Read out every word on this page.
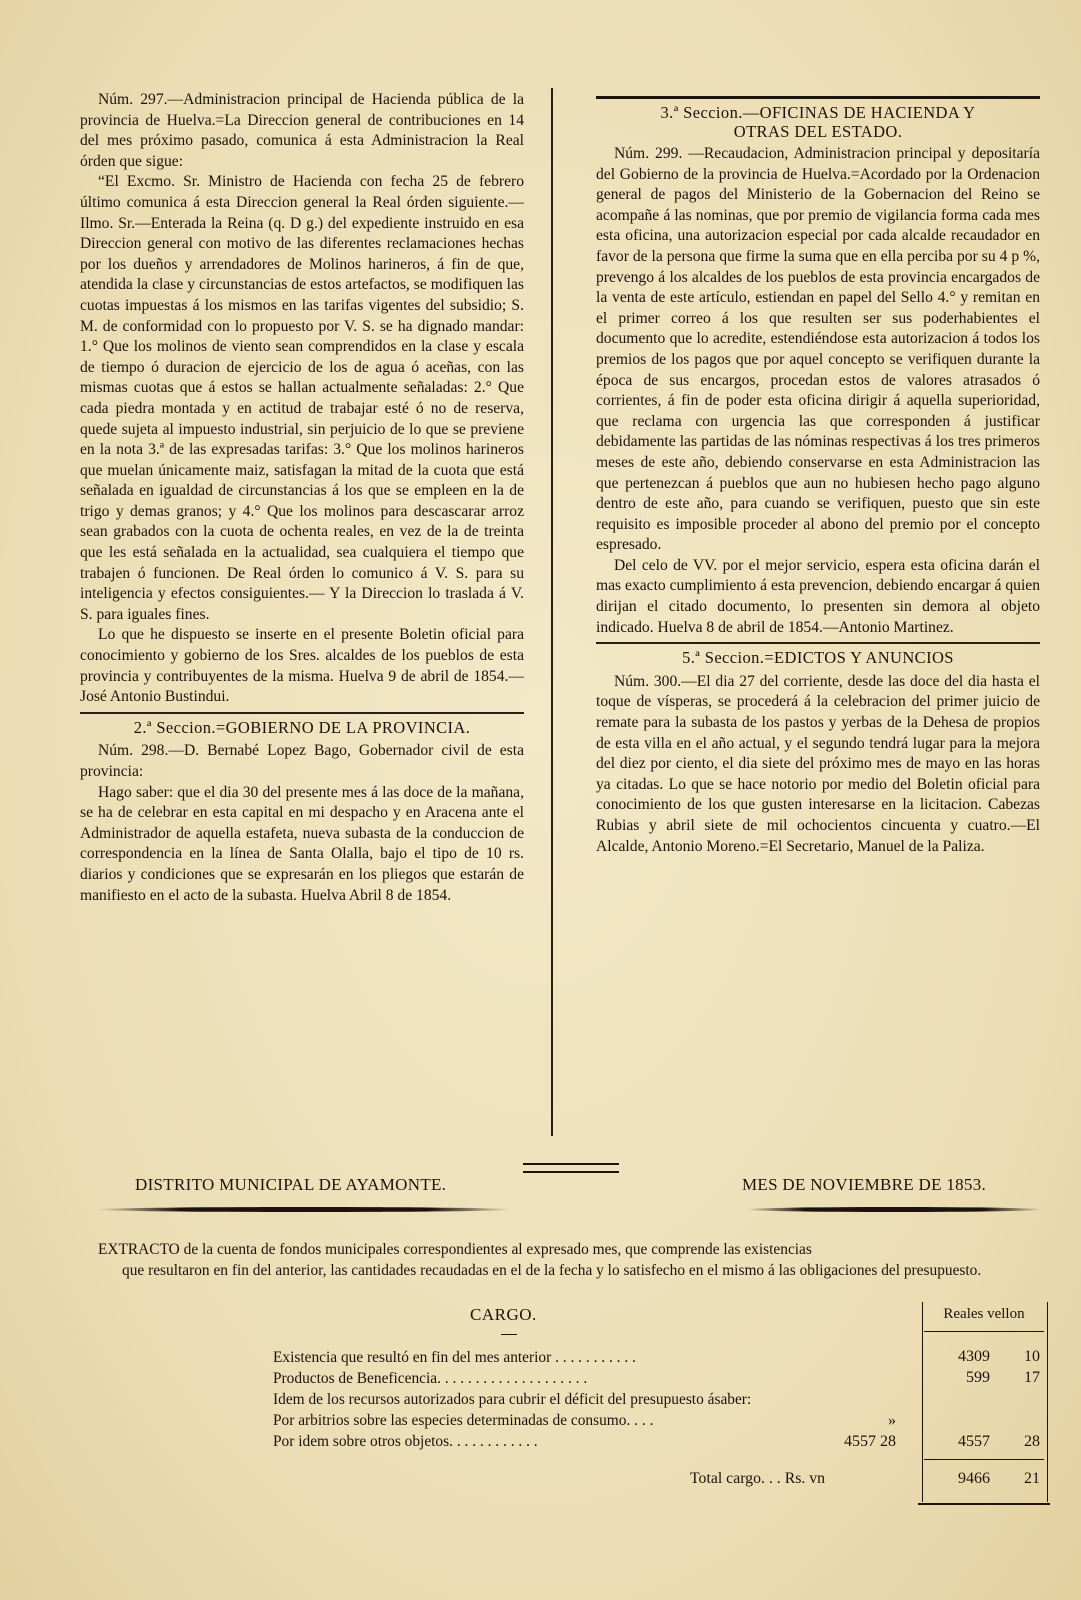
Núm. 297.—Administracion principal de Hacienda pública de la provincia de Huelva.=La Direccion general de contribuciones en 14 del mes próximo pasado, comunica á esta Administracion la Real órden que sigue:

“El Excmo. Sr. Ministro de Hacienda con fecha 25 de febrero último comunica á esta Direccion general la Real órden siguiente.—Ilmo. Sr.—Enterada la Reina (q. D g.) del expediente instruido en esa Direccion general con motivo de las diferentes reclamaciones hechas por los dueños y arrendadores de Molinos harineros, á fin de que, atendida la clase y circunstancias de estos artefactos, se modifiquen las cuotas impuestas á los mismos en las tarifas vigentes del subsidio; S. M. de conformidad con lo propuesto por V. S. se ha dignado mandar: 1.° Que los molinos de viento sean comprendidos en la clase y escala de tiempo ó duracion de ejercicio de los de agua ó aceñas, con las mismas cuotas que á estos se hallan actualmente señaladas: 2.° Que cada piedra montada y en actitud de trabajar esté ó no de reserva, quede sujeta al impuesto industrial, sin perjuicio de lo que se previene en la nota 3.ª de las expresadas tarifas: 3.° Que los molinos harineros que muelan únicamente maiz, satisfagan la mitad de la cuota que está señalada en igualdad de circunstancias á los que se empleen en la de trigo y demas granos; y 4.° Que los molinos para descascarar arroz sean grabados con la cuota de ochenta reales, en vez de la de treinta que les está señalada en la actualidad, sea cualquiera el tiempo que trabajen ó funcionen. De Real órden lo comunico á V. S. para su inteligencia y efectos consiguientes.— Y la Direccion lo traslada á V. S. para iguales fines.

Lo que he dispuesto se inserte en el presente Boletin oficial para conocimiento y gobierno de los Sres. alcaldes de los pueblos de esta provincia y contribuyentes de la misma. Huelva 9 de abril de 1854.— José Antonio Bustindui.

2.ª Seccion.=GOBIERNO DE LA PROVINCIA.

Núm. 298.—D. Bernabé Lopez Bago, Gobernador civil de esta provincia:

Hago saber: que el dia 30 del presente mes á las doce de la mañana, se ha de celebrar en esta capital en mi despacho y en Aracena ante el Administrador de aquella estafeta, nueva subasta de la conduccion de correspondencia en la línea de Santa Olalla, bajo el tipo de 10 rs. diarios y condiciones que se expresarán en los pliegos que estarán de manifiesto en el acto de la subasta. Huelva Abril 8 de 1854.

3.ª Seccion.—OFICINAS DE HACIENDA Y
OTRAS DEL ESTADO.

Núm. 299. —Recaudacion, Administracion principal y depositaría del Gobierno de la provincia de Huelva.=Acordado por la Ordenacion general de pagos del Ministerio de la Gobernacion del Reino se acompañe á las nominas, que por premio de vigilancia forma cada mes esta oficina, una autorizacion especial por cada alcalde recaudador en favor de la persona que firme la suma que en ella perciba por su 4 p %, prevengo á los alcaldes de los pueblos de esta provincia encargados de la venta de este artículo, estiendan en papel del Sello 4.° y remitan en el primer correo á los que resulten ser sus poderhabientes el documento que lo acredite, estendiéndose esta autorizacion á todos los premios de los pagos que por aquel concepto se verifiquen durante la época de sus encargos, procedan estos de valores atrasados ó corrientes, á fin de poder esta oficina dirigir á aquella superioridad, que reclama con urgencia las que corresponden á justificar debidamente las partidas de las nóminas respectivas á los tres primeros meses de este año, debiendo conservarse en esta Administracion las que pertenezcan á pueblos que aun no hubiesen hecho pago alguno dentro de este año, para cuando se verifiquen, puesto que sin este requisito es imposible proceder al abono del premio por el concepto espresado.

Del celo de VV. por el mejor servicio, espera esta oficina darán el mas exacto cumplimiento á esta prevencion, debiendo encargar á quien dirijan el citado documento, lo presenten sin demora al objeto indicado. Huelva 8 de abril de 1854.—Antonio Martinez.

5.ª Seccion.=EDICTOS Y ANUNCIOS

Núm. 300.—El dia 27 del corriente, desde las doce del dia hasta el toque de vísperas, se procederá á la celebracion del primer juicio de remate para la subasta de los pastos y yerbas de la Dehesa de propios de esta villa en el año actual, y el segundo tendrá lugar para la mejora del diez por ciento, el dia siete del próximo mes de mayo en las horas ya citadas. Lo que se hace notorio por medio del Boletin oficial para conocimiento de los que gusten interesarse en la licitacion. Cabezas Rubias y abril siete de mil ochocientos cincuenta y cuatro.—El Alcalde, Antonio Moreno.=El Secretario, Manuel de la Paliza.

DISTRITO MUNICIPAL DE AYAMONTE.	MES DE NOVIEMBRE DE 1853.
EXTRACTO de la cuenta de fondos municipales correspondientes al expresado mes, que comprende las existencias
que resultaron en fin del anterior, las cantidades recaudadas en el de la fecha y lo satisfecho en el mismo á las obligaciones del presupuesto.
CARGO.	Reales vellon
Existencia que resultó en fin del mes anterior . . . . . . . . . . .	4309	10
Productos de Beneficencia. . . . . . . . . . . . . . . . . . . .	599	17
Idem de los recursos autorizados para cubrir el déficit del presupuesto ásaber:
Por arbitrios sobre las especies determinadas de consumo. . . .	»
Por idem sobre otros objetos. . . . . . . . . . . .	4557 28	4557	28
Total cargo. . . Rs. vn	9466	21
